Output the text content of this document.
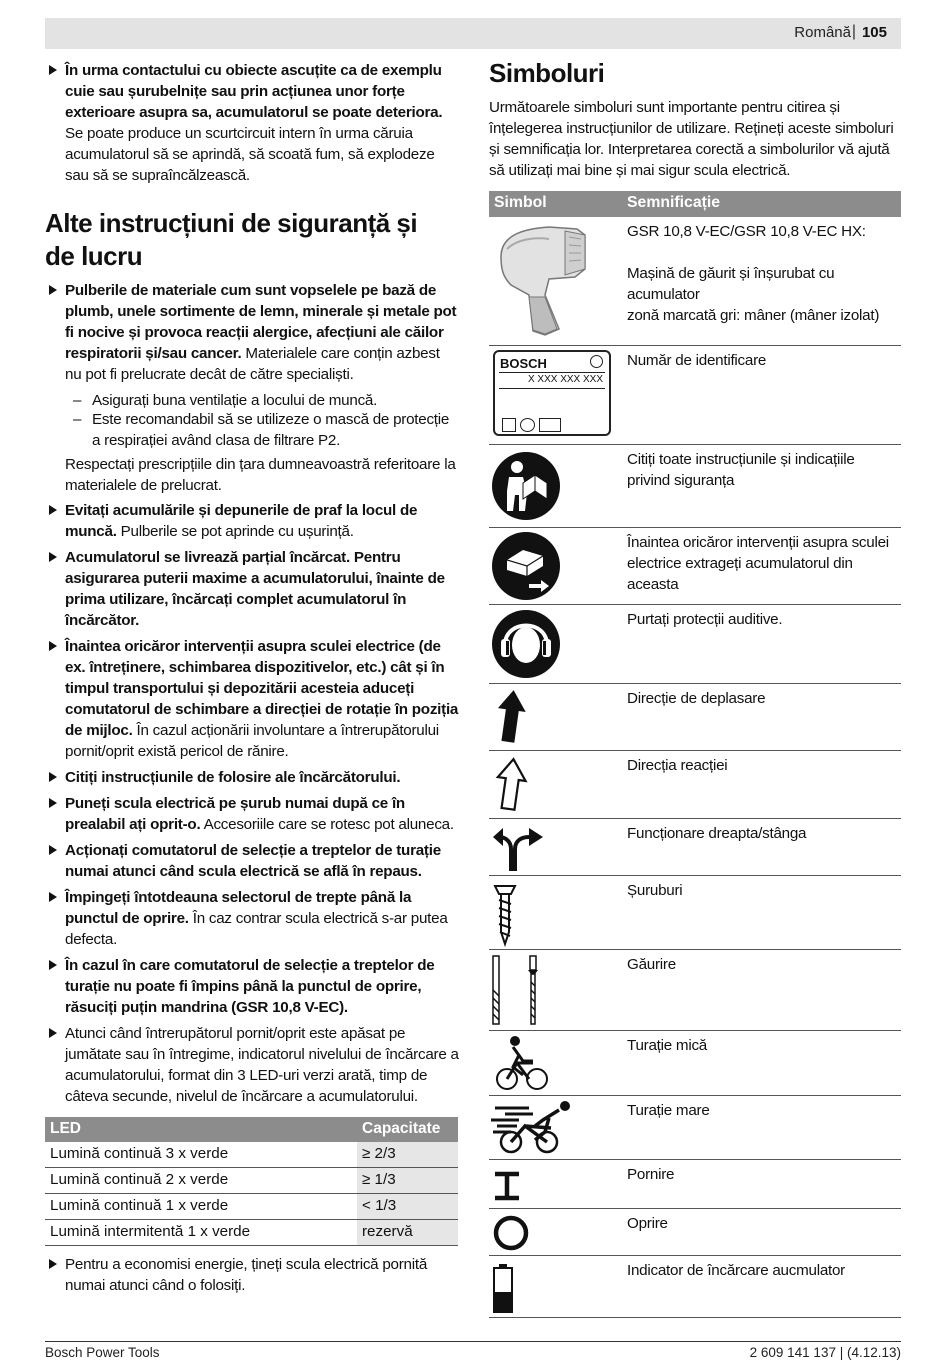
Română | 105
În urma contactului cu obiecte ascuțite ca de exemplu cuie sau șurubelnițe sau prin acțiunea unor forțe exterioare asupra sa, acumulatorul se poate deteriora. Se poate produce un scurtcircuit intern în urma căruia acumulatorul să se aprindă, să scoată fum, să explodeze sau să se supraîncălzească.
Alte instrucțiuni de siguranță și de lucru
Pulberile de materiale cum sunt vopselele pe bază de plumb, unele sortimente de lemn, minerale și metale pot fi nocive și provoca reacții alergice, afecțiuni ale căilor respiratorii și/sau cancer. Materialele care conțin azbest nu pot fi prelucrate decât de către specialiști.
– Asigurați buna ventilație a locului de muncă.
– Este recomandabil să se utilizeze o mască de protecție a respirației având clasa de filtrare P2.
Respectați prescripțiile din țara dumneavoastră referitoare la materialele de prelucrat.
Evitați acumulările și depunerile de praf la locul de muncă. Pulberile se pot aprinde cu ușurință.
Acumulatorul se livrează parțial încărcat. Pentru asigurarea puterii maxime a acumulatorului, înainte de prima utilizare, încărcați complet acumulatorul în încărcător.
Înaintea oricăror intervenții asupra sculei electrice (de ex. întreținere, schimbarea dispozitivelor, etc.) cât și în timpul transportului și depozitării acesteia aduceți comutatorul de schimbare a direcției de rotație în poziția de mijloc. În cazul acționării involuntare a întrerupătorului pornit/oprit există pericol de rănire.
Citiți instrucțiunile de folosire ale încărcătorului.
Puneți scula electrică pe șurub numai după ce în prealabil ați oprit-o. Accesoriile care se rotesc pot aluneca.
Acționați comutatorul de selecție a treptelor de turație numai atunci când scula electrică se află în repaus.
Împingeți întotdeauna selectorul de trepte până la punctul de oprire. În caz contrar scula electrică s-ar putea defecta.
În cazul în care comutatorul de selecție a treptelor de turație nu poate fi împins până la punctul de oprire, răsuciți puțin mandrina (GSR 10,8 V-EC).
Atunci când întrerupătorul pornit/oprit este apăsat pe jumătate sau în întregime, indicatorul nivelului de încărcare a acumulatorului, format din 3 LED-uri verzi arată, timp de câteva secunde, nivelul de încărcare a acumulatorului.
LED	Capacitate
Lumină continuă 3 x verde	≥ 2/3
Lumină continuă 2 x verde	≥ 1/3
Lumină continuă 1 x verde	< 1/3
Lumină intermitentă 1 x verde	rezervă
Pentru a economisi energie, țineți scula electrică pornită numai atunci când o folosiți.
Simboluri
Următoarele simboluri sunt importante pentru citirea și înțelegerea instrucțiunilor de utilizare. Rețineți aceste simboluri și semnificația lor. Interpretarea corectă a simbolurilor vă ajută să utilizați mai bine și mai sigur scula electrică.
Simbol	Semnificație
GSR 10,8 V-EC/GSR 10,8 V-EC HX:
Mașină de găurit și înșurubat cu acumulator
zonă marcată gri: mâner (mâner izolat)
BOSCH
X XXX XXX XXX
Număr de identificare
Citiți toate instrucțiunile și indicațiile privind siguranța
Înaintea oricăror intervenții asupra sculei electrice extrageți acumulatorul din aceasta
Purtați protecții auditive.
Direcție de deplasare
Direcția reacției
Funcționare dreapta/stânga
Șuruburi
Găurire
Turație mică
Turație mare
Pornire
Oprire
Indicator de încărcare aucmulator
Bosch Power Tools	2 609 141 137 | (4.12.13)
